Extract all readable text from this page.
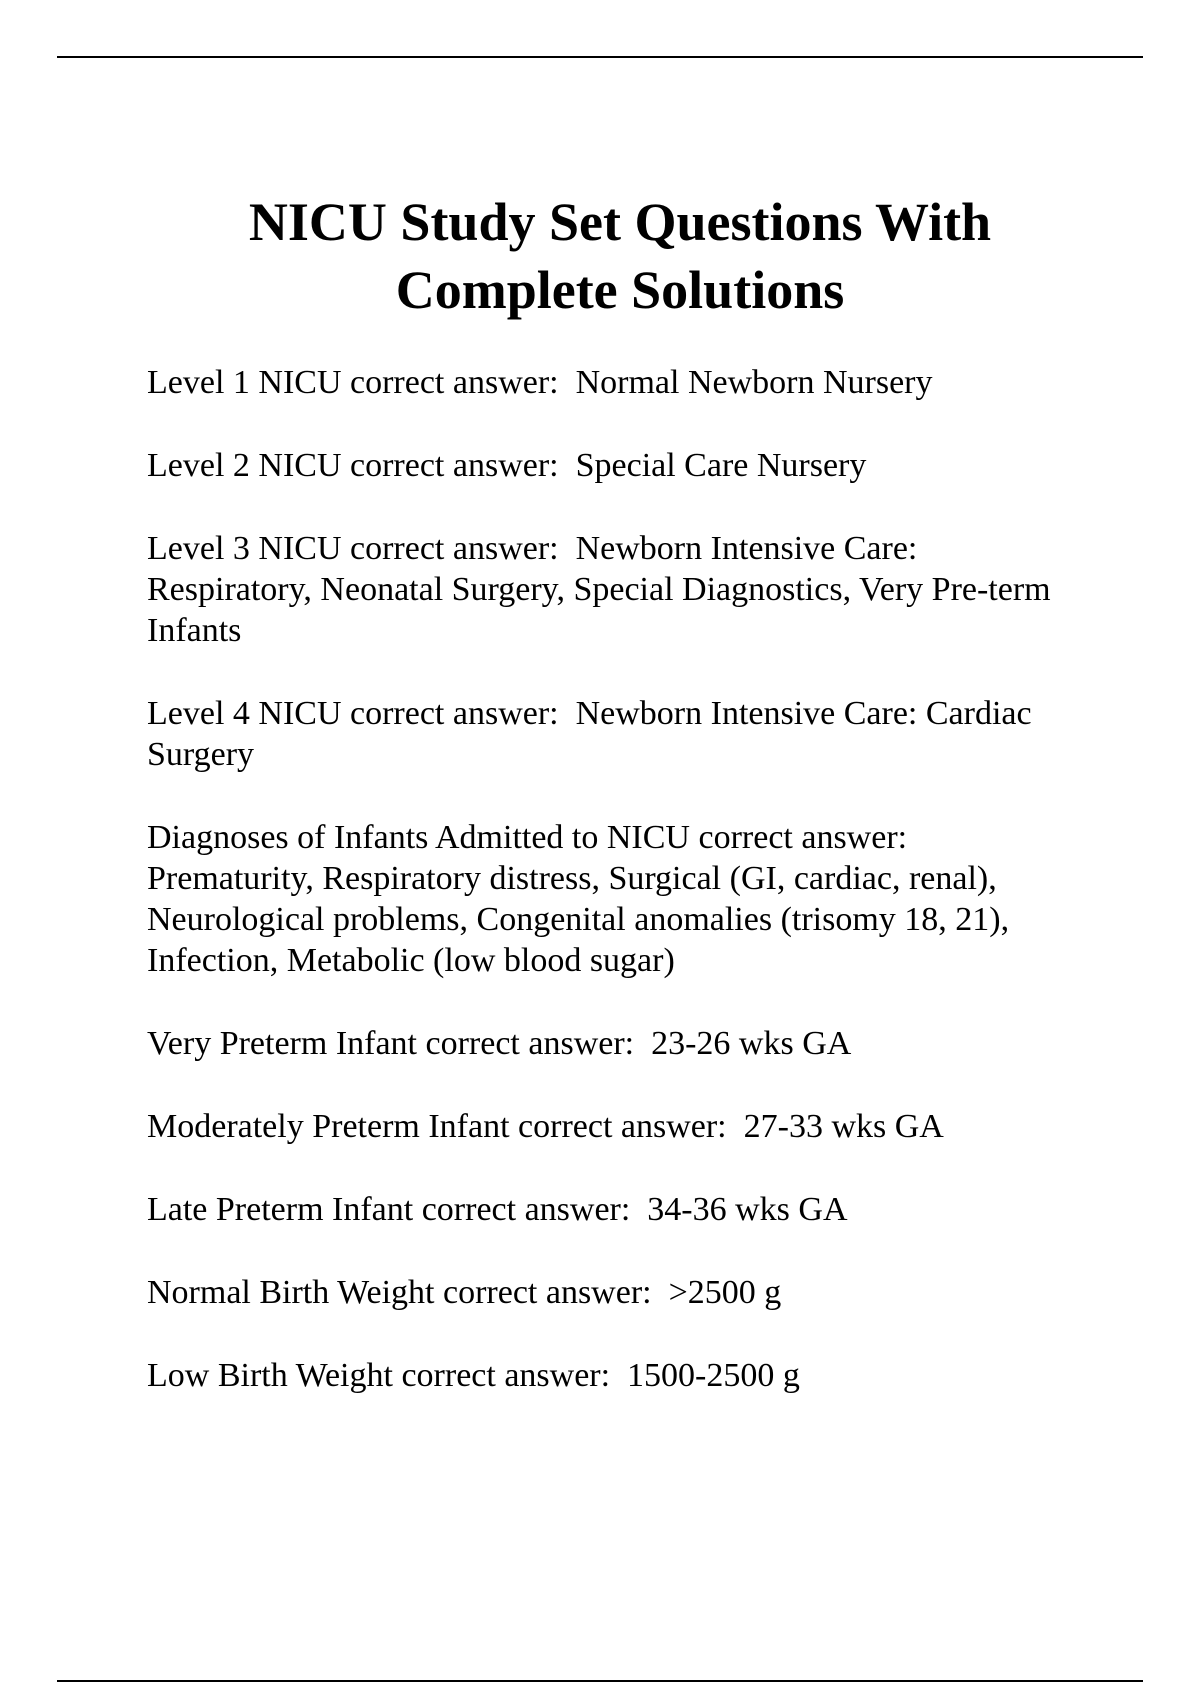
NICU Study Set Questions With
Complete Solutions

Level 1 NICU correct answer:  Normal Newborn Nursery

Level 2 NICU correct answer:  Special Care Nursery

Level 3 NICU correct answer:  Newborn Intensive Care: Respiratory, Neonatal Surgery, Special Diagnostics, Very Pre-term Infants

Level 4 NICU correct answer:  Newborn Intensive Care: Cardiac Surgery

Diagnoses of Infants Admitted to NICU correct answer: Prematurity, Respiratory distress, Surgical (GI, cardiac, renal), Neurological problems, Congenital anomalies (trisomy 18, 21), Infection, Metabolic (low blood sugar)

Very Preterm Infant correct answer:  23-26 wks GA

Moderately Preterm Infant correct answer:  27-33 wks GA

Late Preterm Infant correct answer:  34-36 wks GA

Normal Birth Weight correct answer:  >2500 g

Low Birth Weight correct answer:  1500-2500 g
